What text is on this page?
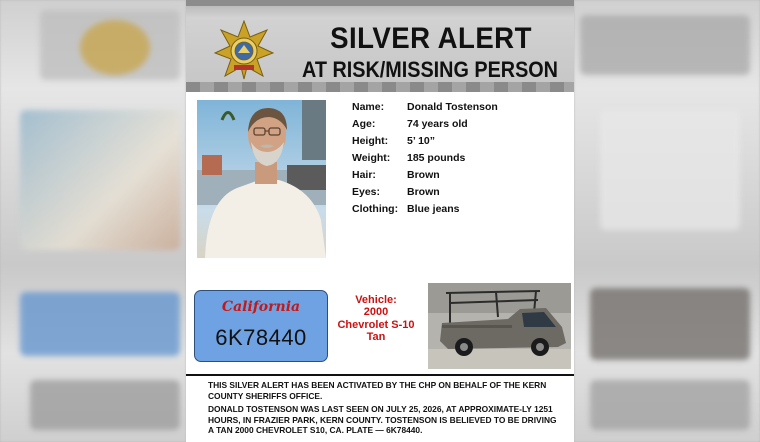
SILVER ALERT
AT RISK/MISSING PERSON
Name:	Donald Tostenson
Age:	74 years old
Height:	5’ 10”
Weight:	185 pounds
Hair:	Brown
Eyes:	Brown
Clothing: Blue jeans
California
6K78440
Vehicle:
2000
Chevrolet S-10
Tan

THIS SILVER ALERT HAS BEEN ACTIVATED BY THE CHP ON BEHALF OF THE KERN COUNTY SHERIFFS OFFICE.

DONALD TOSTENSON WAS LAST SEEN ON JULY 25, 2026, AT APPROXIMATE-LY 1251 HOURS, IN FRAZIER PARK, KERN COUNTY. TOSTENSON IS BELIEVED TO BE DRIVING A TAN 2000 CHEVROLET S10, CA. PLATE — 6K78440.
